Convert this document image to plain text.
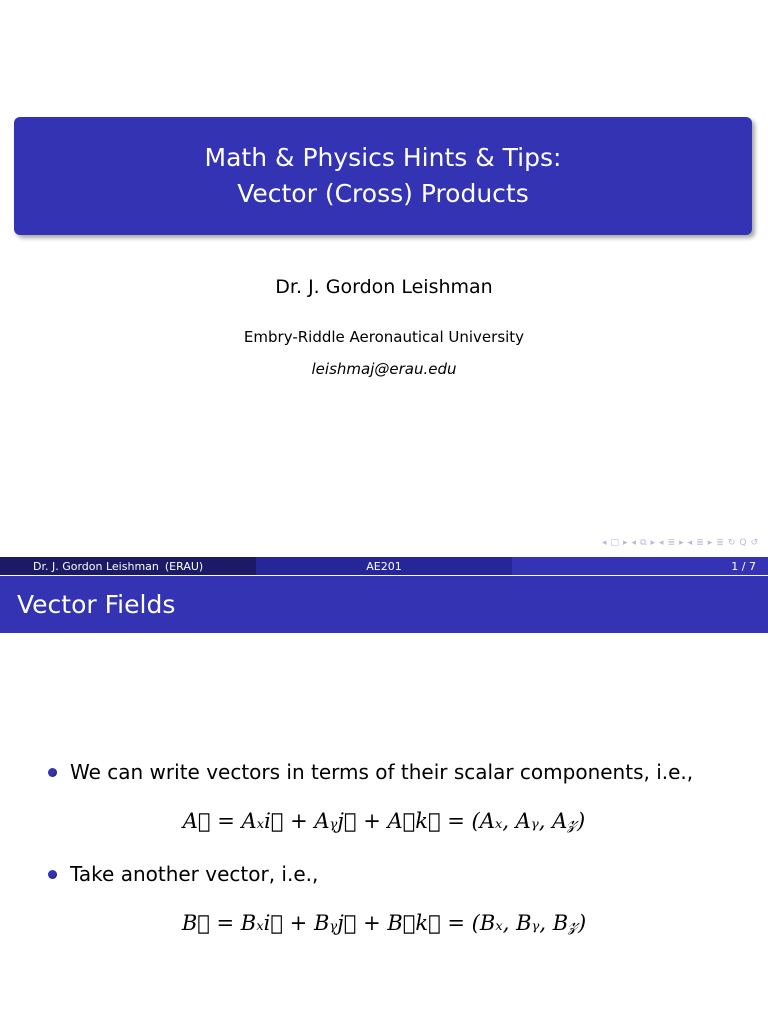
Math & Physics Hints & Tips:
Vector (Cross) Products
Dr. J. Gordon Leishman
Embry-Riddle Aeronautical University
leishmaj@erau.edu
◂ □ ▸ ◂ ⧉ ▸ ◂ ≣ ▸ ◂ ≣ ▸ ≣ ↻ Q ↺
Dr. J. Gordon Leishman (ERAU)	AE201	1 / 7
Vector Fields
We can write vectors in terms of their scalar components, i.e.,
A⃗ = Aₓi⃗ + Aᵧj⃗ + A𝓏k⃗ = (Aₓ, Aᵧ, A𝓏)
Take another vector, i.e.,
B⃗ = Bₓi⃗ + Bᵧj⃗ + B𝓏k⃗ = (Bₓ, Bᵧ, B𝓏)
